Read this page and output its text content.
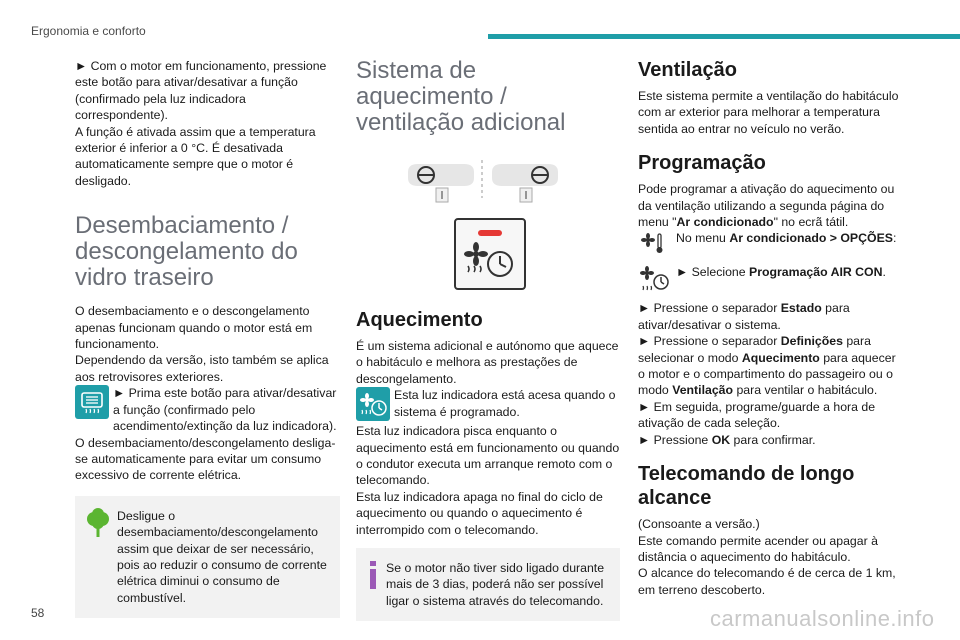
Ergonomia e conforto

► Com o motor em funcionamento, pressione este botão para ativar/desativar a função (confirmado pela luz indicadora correspondente).

A função é ativada assim que a temperatura exterior é inferior a 0 °C. É desativada automaticamente sempre que o motor é desligado.

Desembaciamento / descongelamento do vidro traseiro

O desembaciamento e o descongelamento apenas funcionam quando o motor está em funcionamento.

Dependendo da versão, isto também se aplica aos retrovisores exteriores.

► Prima este botão para ativar/desativar a função (confirmado pelo acendimento/extinção da luz indicadora).

O desembaciamento/descongelamento desliga-se automaticamente para evitar um consumo excessivo de corrente elétrica.

Desligue o desembaciamento/descongelamento assim que deixar de ser necessário, pois ao reduzir o consumo de corrente elétrica diminui o consumo de combustível.
Sistema de aquecimento / ventilação adicional
Aquecimento

É um sistema adicional e autónomo que aquece o habitáculo e melhora as prestações de descongelamento.

Esta luz indicadora está acesa quando o sistema é programado.

Esta luz indicadora pisca enquanto o aquecimento está em funcionamento ou quando o condutor executa um arranque remoto com o telecomando.

Esta luz indicadora apaga no final do ciclo de aquecimento ou quando o aquecimento é interrompido com o telecomando.

Se o motor não tiver sido ligado durante mais de 3 dias, poderá não ser possível ligar o sistema através do telecomando.
Ventilação

Este sistema permite a ventilação do habitáculo com ar exterior para melhorar a temperatura sentida ao entrar no veículo no verão.

Programação

Pode programar a ativação do aquecimento ou da ventilação utilizando a segunda página do menu "Ar condicionado" no ecrã tátil.

No menu Ar condicionado > OPÇÕES:
► Selecione Programação AIR CON.

► Pressione o separador Estado para ativar/desativar o sistema.

► Pressione o separador Definições para selecionar o modo Aquecimento para aquecer o motor e o compartimento do passageiro ou o modo Ventilação para ventilar o habitáculo.

► Em seguida, programe/guarde a hora de ativação de cada seleção.

► Pressione OK para confirmar.

Telecomando de longo alcance

(Consoante a versão.)

Este comando permite acender ou apagar à distância o aquecimento do habitáculo.

O alcance do telecomando é de cerca de 1 km, em terreno descoberto.

58	carmanualsonline.info
